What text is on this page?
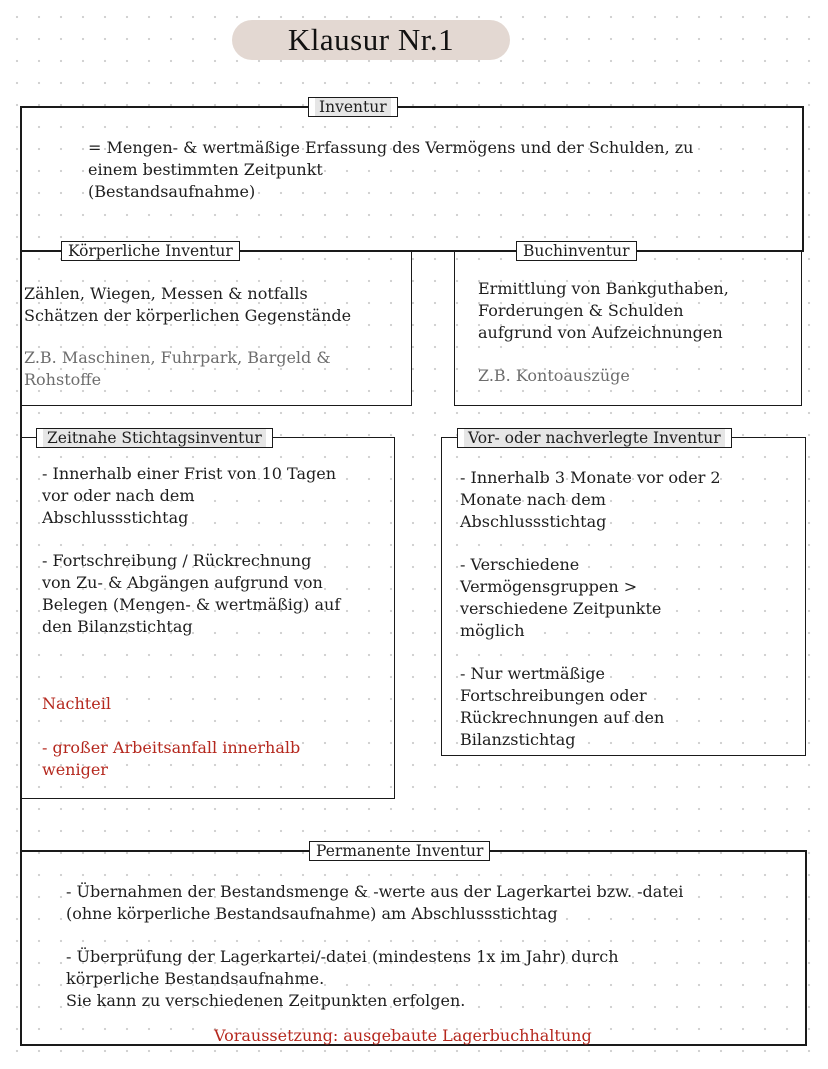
Klausur Nr.1
Inventur

= Mengen- & wertmäßige Erfassung des Vermögens und der Schulden, zu

einem bestimmten Zeitpunkt

(Bestandsaufnahme)

Körperliche Inventur

Zählen, Wiegen, Messen & notfalls

Schätzen der körperlichen Gegenstände

Z.B. Maschinen, Fuhrpark, Bargeld &

Rohstoffe

Buchinventur

Ermittlung von Bankguthaben,

Forderungen & Schulden

aufgrund von Aufzeichnungen

Z.B. Kontoauszüge

Zeitnahe Stichtagsinventur

- Innerhalb einer Frist von 10 Tagen

vor oder nach dem

Abschlussstichtag

- Fortschreibung / Rückrechnung

von Zu- & Abgängen aufgrund von

Belegen (Mengen- & wertmäßig) auf

den Bilanzstichtag

Nachteil

- großer Arbeitsanfall innerhalb

weniger

Vor- oder nachverlegte Inventur

- Innerhalb 3 Monate vor oder 2

Monate nach dem

Abschlussstichtag

- Verschiedene

Vermögensgruppen >

verschiedene Zeitpunkte

möglich

- Nur wertmäßige

Fortschreibungen oder

Rückrechnungen auf den

Bilanzstichtag

Permanente Inventur

- Übernahmen der Bestandsmenge & -werte aus der Lagerkartei bzw. -datei

(ohne körperliche Bestandsaufnahme) am Abschlussstichtag

- Überprüfung der Lagerkartei/-datei (mindestens 1x im Jahr) durch

körperliche Bestandsaufnahme.

Sie kann zu verschiedenen Zeitpunkten erfolgen.

Voraussetzung: ausgebaute Lagerbuchhaltung
